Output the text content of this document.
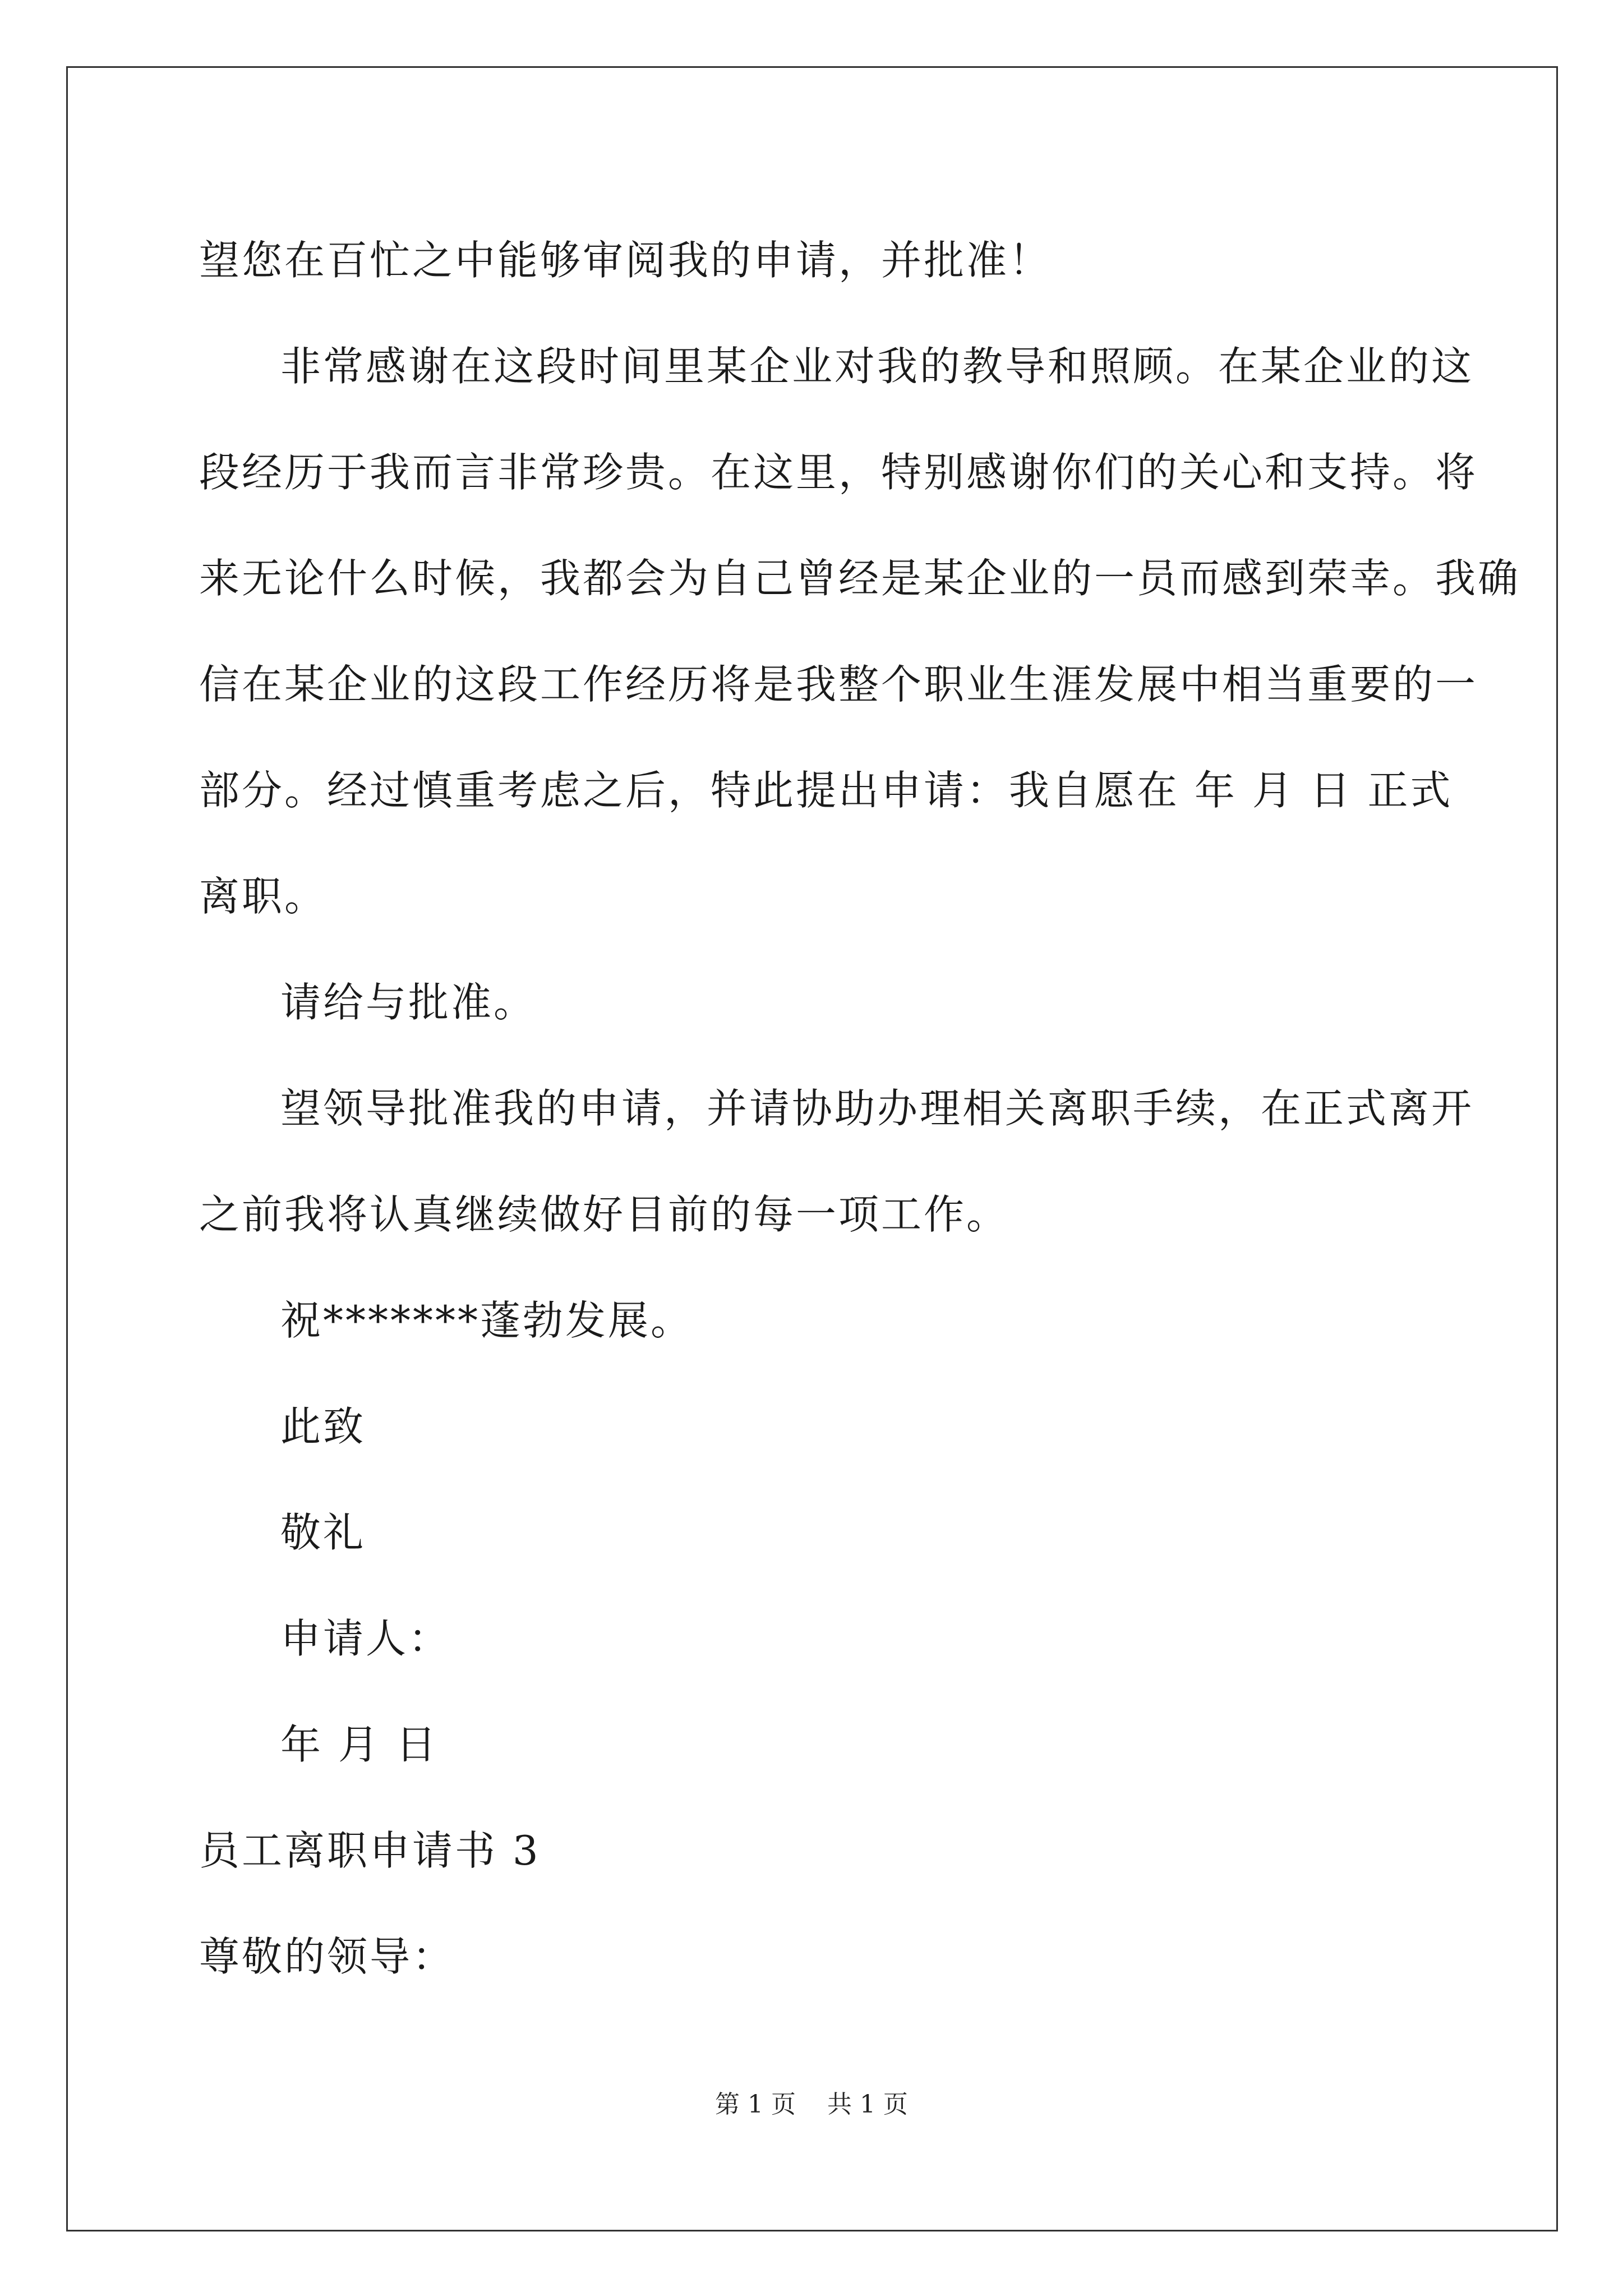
望您在百忙之中能够审阅我的申请，并批准！

非常感谢在这段时间里某企业对我的教导和照顾。在某企业的这

段经历于我而言非常珍贵。在这里，特别感谢你们的关心和支持。将

来无论什么时候，我都会为自己曾经是某企业的一员而感到荣幸。我确

信在某企业的这段工作经历将是我整个职业生涯发展中相当重要的一

部分。经过慎重考虑之后，特此提出申请：我自愿在 年 月 日 正式

离职。

请给与批准。

望领导批准我的申请，并请协助办理相关离职手续，在正式离开

之前我将认真继续做好目前的每一项工作。

祝*******蓬勃发展。

此致

敬礼

申请人：

年 月 日

员工离职申请书 3

尊敬的领导：

第 1 页    共 1 页
